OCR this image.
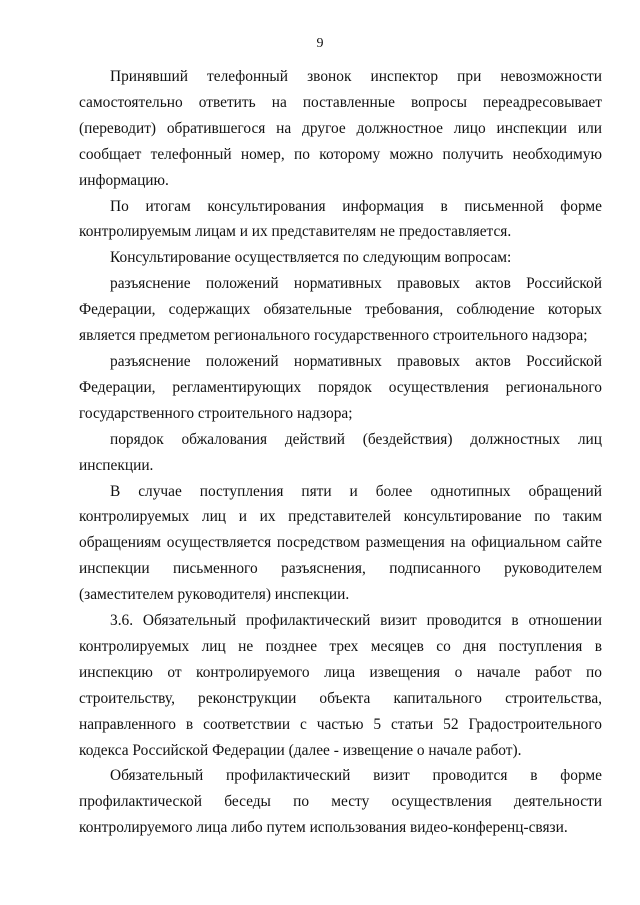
9

Принявший телефонный звонок инспектор при невозможности самостоятельно ответить на поставленные вопросы переадресовывает (переводит) обратившегося на другое должностное лицо инспекции или сообщает телефонный номер, по которому можно получить необходимую информацию.

По итогам консультирования информация в письменной форме контролируемым лицам и их представителям не предоставляется.

Консультирование осуществляется по следующим вопросам:

разъяснение положений нормативных правовых актов Российской Федерации, содержащих обязательные требования, соблюдение которых является предметом регионального государственного строительного надзора;

разъяснение положений нормативных правовых актов Российской Федерации, регламентирующих порядок осуществления регионального государственного строительного надзора;

порядок обжалования действий (бездействия) должностных лиц инспекции.

В случае поступления пяти и более однотипных обращений контролируемых лиц и их представителей консультирование по таким обращениям осуществляется посредством размещения на официальном сайте инспекции письменного разъяснения, подписанного руководителем (заместителем руководителя) инспекции.

3.6. Обязательный профилактический визит проводится в отношении контролируемых лиц не позднее трех месяцев со дня поступления в инспекцию от контролируемого лица извещения о начале работ по строительству, реконструкции объекта капитального строительства, направленного в соответствии с частью 5 статьи 52 Градостроительного кодекса Российской Федерации (далее - извещение о начале работ).

Обязательный профилактический визит проводится в форме профилактической беседы по месту осуществления деятельности контролируемого лица либо путем использования видео-конференц-связи.
